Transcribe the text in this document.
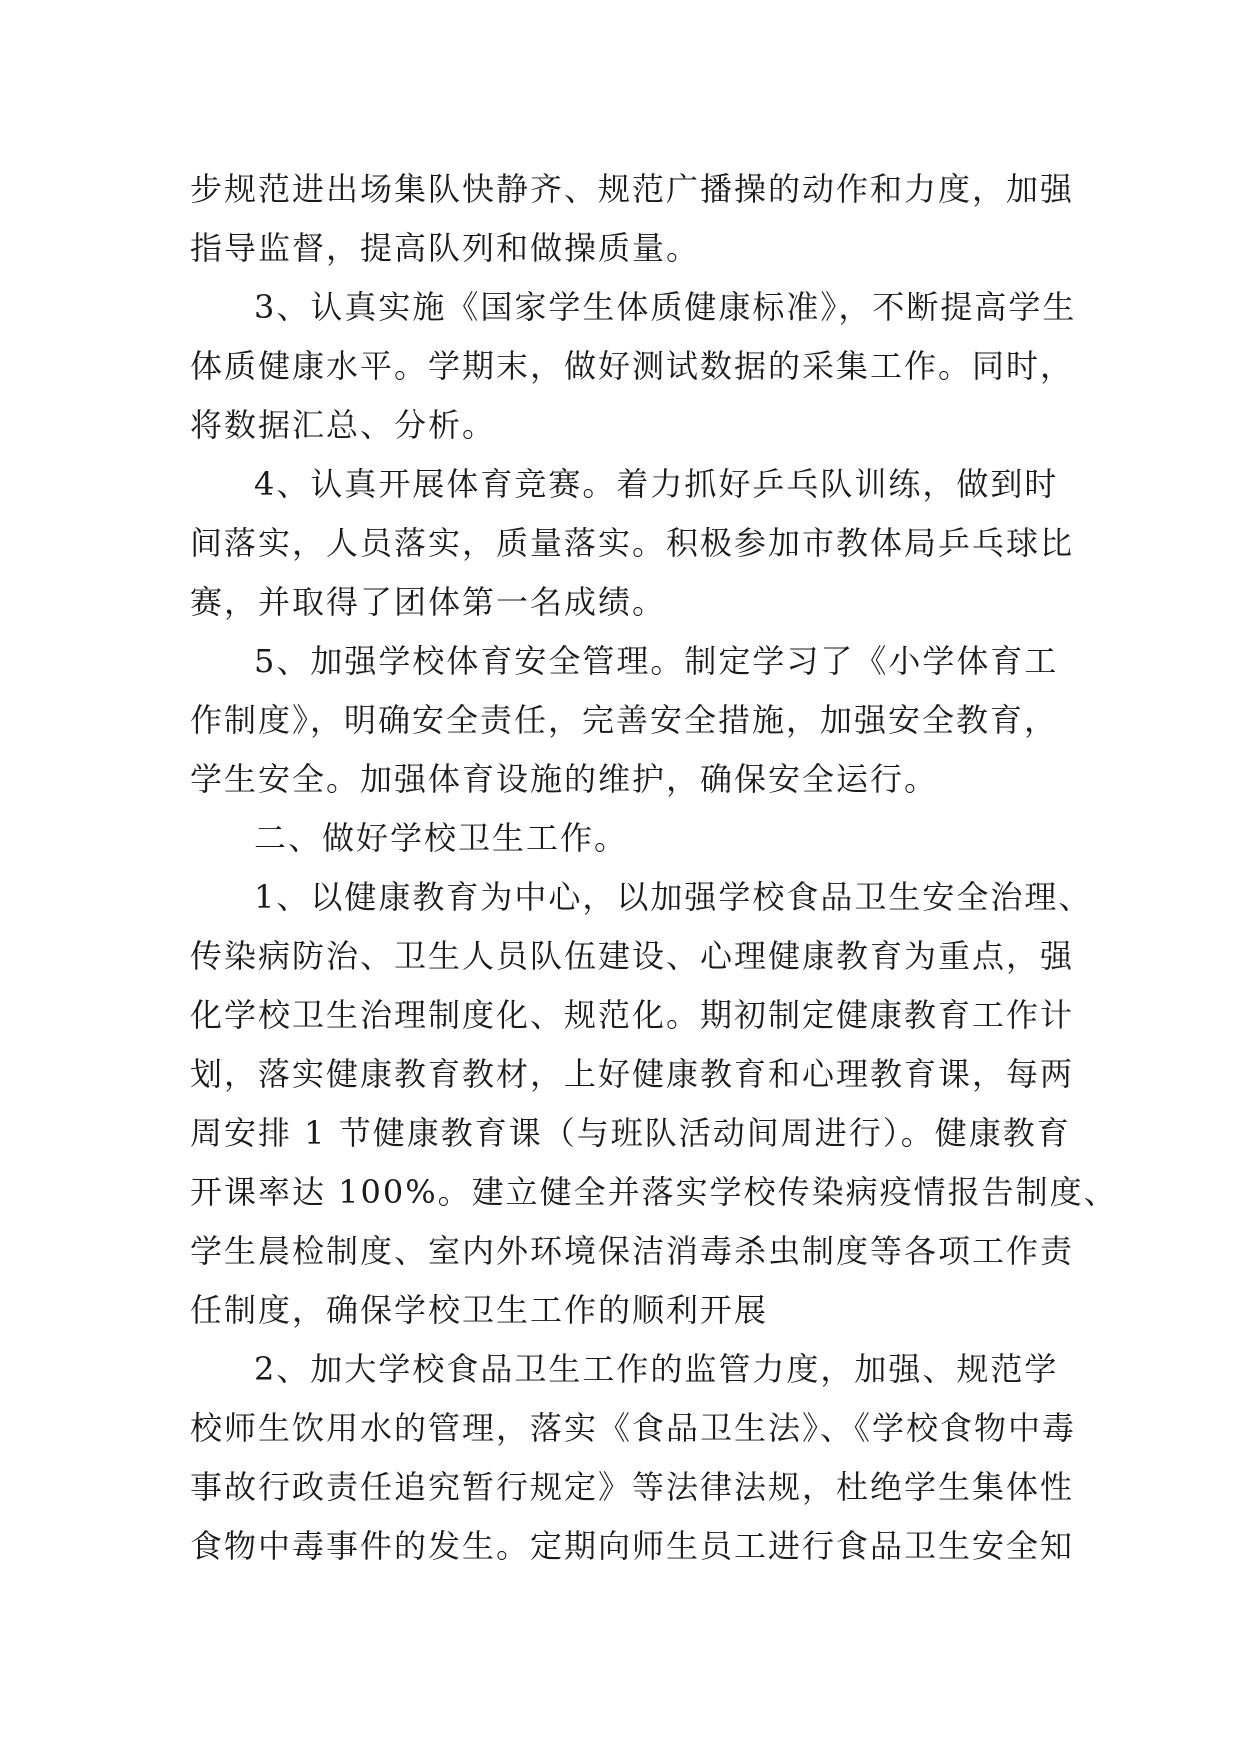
步规范进出场集队快静齐、规范广播操的动作和力度，加强
指导监督，提高队列和做操质量。
3、认真实施《国家学生体质健康标准》，不断提高学生
体质健康水平。学期末，做好测试数据的采集工作。同时，
将数据汇总、分析。
4、认真开展体育竞赛。着力抓好乒乓队训练，做到时
间落实，人员落实，质量落实。积极参加市教体局乒乓球比
赛，并取得了团体第一名成绩。
5、加强学校体育安全管理。制定学习了《小学体育工
作制度》，明确安全责任，完善安全措施，加强安全教育，
学生安全。加强体育设施的维护，确保安全运行。
二、做好学校卫生工作。
1、以健康教育为中心，以加强学校食品卫生安全治理、
传染病防治、卫生人员队伍建设、心理健康教育为重点，强
化学校卫生治理制度化、规范化。期初制定健康教育工作计
划，落实健康教育教材，上好健康教育和心理教育课，每两
周安排 1 节健康教育课（与班队活动间周进行）。健康教育
开课率达 100%。建立健全并落实学校传染病疫情报告制度、
学生晨检制度、室内外环境保洁消毒杀虫制度等各项工作责
任制度，确保学校卫生工作的顺利开展
2、加大学校食品卫生工作的监管力度，加强、规范学
校师生饮用水的管理，落实《食品卫生法》、《学校食物中毒
事故行政责任追究暂行规定》等法律法规，杜绝学生集体性
食物中毒事件的发生。定期向师生员工进行食品卫生安全知
